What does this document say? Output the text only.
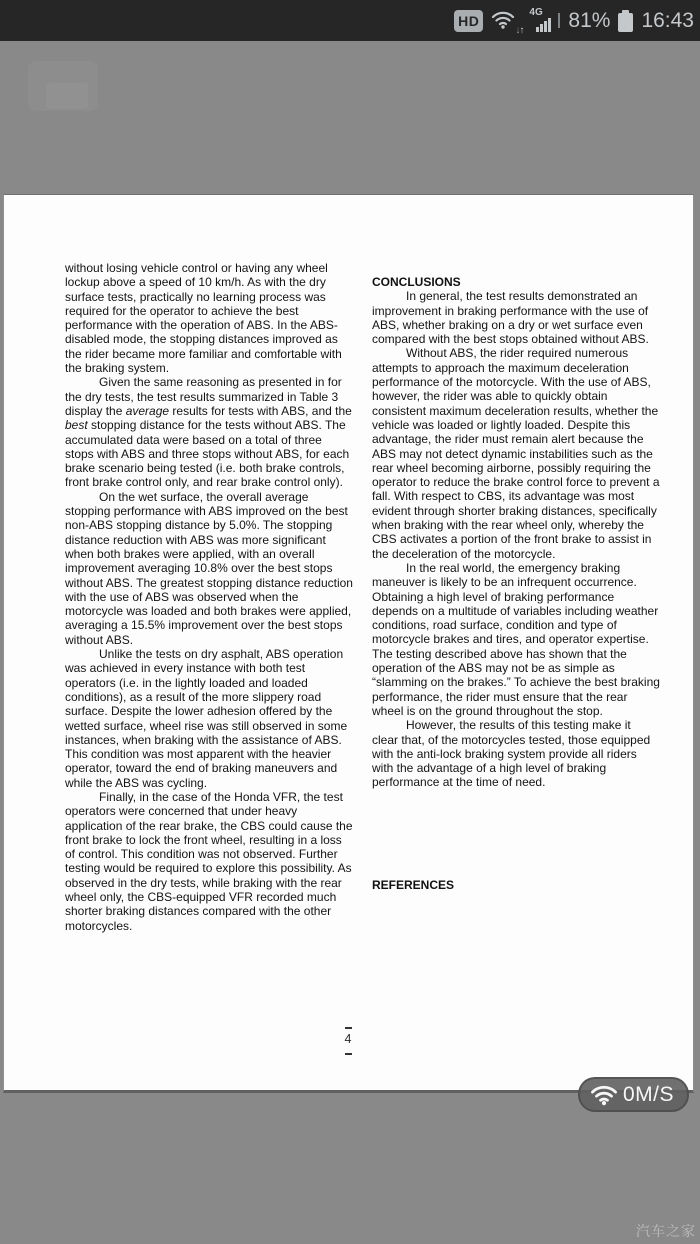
HD
↓↑
4G 81% 16:43

without losing vehicle control or having any wheel lockup above a speed of 10 km/h. As with the dry surface tests, practically no learning process was required for the operator to achieve the best performance with the operation of ABS. In the ABS-disabled mode, the stopping distances improved as the rider became more familiar and comfortable with the braking system.

Given the same reasoning as presented in for the dry tests, the test results summarized in Table 3 display the average results for tests with ABS, and the best stopping distance for the tests without ABS. The accumulated data were based on a total of three stops with ABS and three stops without ABS, for each brake scenario being tested (i.e. both brake controls, front brake control only, and rear brake control only).

On the wet surface, the overall average stopping performance with ABS improved on the best non-ABS stopping distance by 5.0%. The stopping distance reduction with ABS was more significant when both brakes were applied, with an overall improvement averaging 10.8% over the best stops without ABS. The greatest stopping distance reduction with the use of ABS was observed when the motorcycle was loaded and both brakes were applied, averaging a 15.5% improvement over the best stops without ABS.

Unlike the tests on dry asphalt, ABS operation was achieved in every instance with both test operators (i.e. in the lightly loaded and loaded conditions), as a result of the more slippery road surface. Despite the lower adhesion offered by the wetted surface, wheel rise was still observed in some instances, when braking with the assistance of ABS. This condition was most apparent with the heavier operator, toward the end of braking maneuvers and while the ABS was cycling.

Finally, in the case of the Honda VFR, the test operators were concerned that under heavy application of the rear brake, the CBS could cause the front brake to lock the front wheel, resulting in a loss of control. This condition was not observed. Further testing would be required to explore this possibility. As observed in the dry tests, while braking with the rear wheel only, the CBS-equipped VFR recorded much shorter braking distances compared with the other motorcycles.

CONCLUSIONS

In general, the test results demonstrated an improvement in braking performance with the use of ABS, whether braking on a dry or wet surface even compared with the best stops obtained without ABS.

Without ABS, the rider required numerous attempts to approach the maximum deceleration performance of the motorcycle. With the use of ABS, however, the rider was able to quickly obtain consistent maximum deceleration results, whether the vehicle was loaded or lightly loaded. Despite this advantage, the rider must remain alert because the ABS may not detect dynamic instabilities such as the rear wheel becoming airborne, possibly requiring the operator to reduce the brake control force to prevent a fall. With respect to CBS, its advantage was most evident through shorter braking distances, specifically when braking with the rear wheel only, whereby the CBS activates a portion of the front brake to assist in the deceleration of the motorcycle.

In the real world, the emergency braking maneuver is likely to be an infrequent occurrence. Obtaining a high level of braking performance depends on a multitude of variables including weather conditions, road surface, condition and type of motorcycle brakes and tires, and operator expertise. The testing described above has shown that the operation of the ABS may not be as simple as “slamming on the brakes.” To achieve the best braking performance, the rider must ensure that the rear wheel is on the ground throughout the stop.

However, the results of this testing make it clear that, of the motorcycles tested, those equipped with the anti-lock braking system provide all riders with the advantage of a high level of braking performance at the time of need.

REFERENCES
4
0M/S
汽车之家
